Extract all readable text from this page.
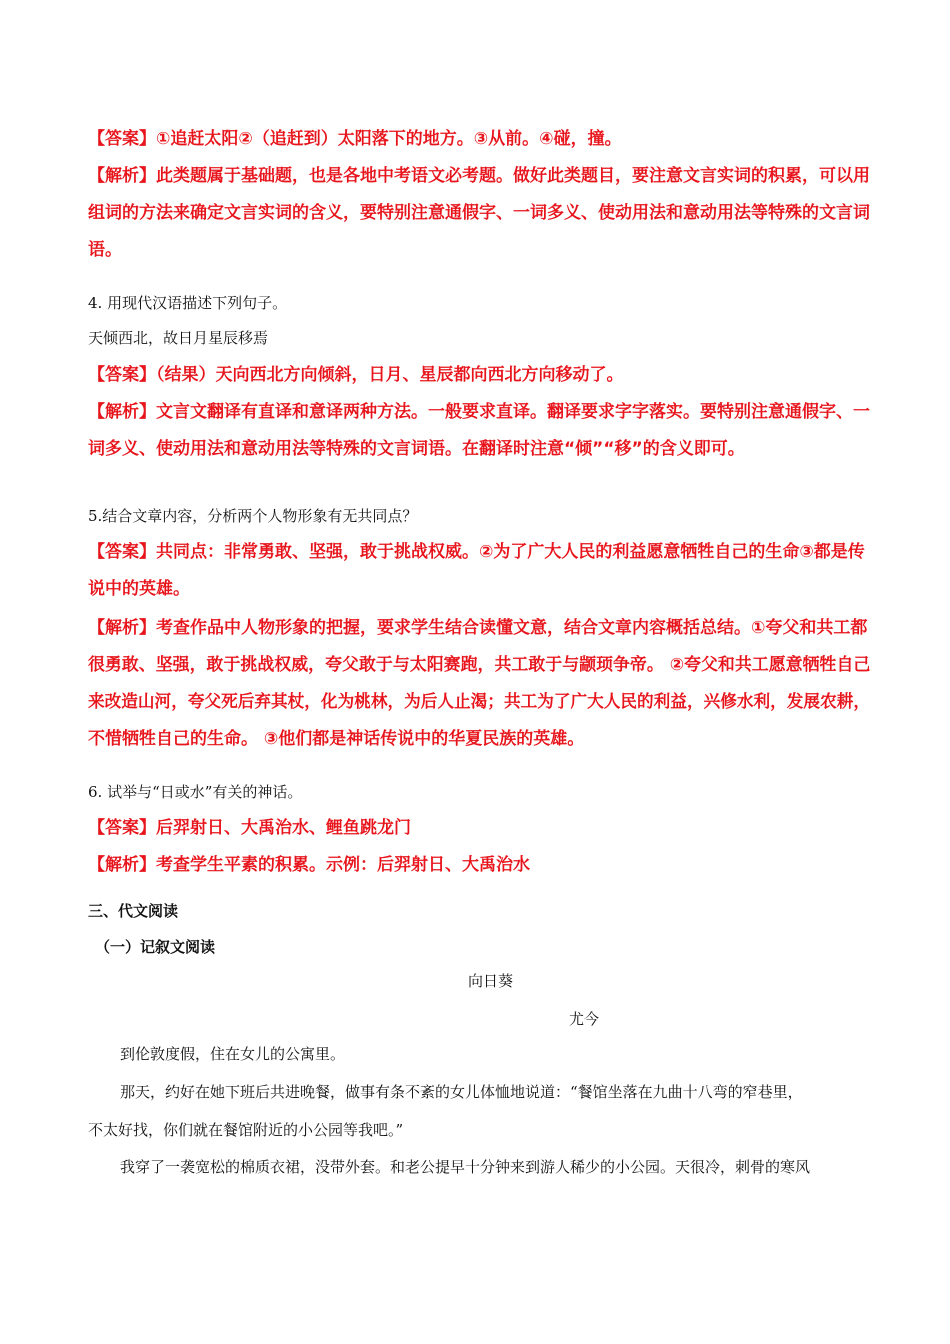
【答案】①追赶太阳②（追赶到）太阳落下的地方。③从前。④碰，撞。
【解析】此类题属于基础题，也是各地中考语文必考题。做好此类题目，要注意文言实词的积累，可以用
组词的方法来确定文言实词的含义，要特别注意通假字、一词多义、使动用法和意动用法等特殊的文言词
语。
4. 用现代汉语描述下列句子。
天倾西北，故日月星辰移焉
【答案】（结果）天向西北方向倾斜，日月、星辰都向西北方向移动了。
【解析】文言文翻译有直译和意译两种方法。一般要求直译。翻译要求字字落实。要特别注意通假字、一
词多义、使动用法和意动用法等特殊的文言词语。在翻译时注意“倾”“移”的含义即可。
5.结合文章内容，分析两个人物形象有无共同点？
【答案】共同点：非常勇敢、坚强，敢于挑战权威。②为了广大人民的利益愿意牺牲自己的生命③都是传
说中的英雄。
【解析】考查作品中人物形象的把握，要求学生结合读懂文意，结合文章内容概括总结。①夸父和共工都
很勇敢、坚强，敢于挑战权威，夸父敢于与太阳赛跑，共工敢于与颛顼争帝。 ②夸父和共工愿意牺牲自己
来改造山河，夸父死后弃其杖，化为桃林，为后人止渴；共工为了广大人民的利益，兴修水利，发展农耕，
不惜牺牲自己的生命。 ③他们都是神话传说中的华夏民族的英雄。
6. 试举与“日或水”有关的神话。
【答案】后羿射日、大禹治水、鲤鱼跳龙门
【解析】考查学生平素的积累。示例：后羿射日、大禹治水
三、代文阅读
（一）记叙文阅读
向日葵
尤今
到伦敦度假，住在女儿的公寓里。
那天，约好在她下班后共进晚餐，做事有条不紊的女儿体恤地说道：“餐馆坐落在九曲十八弯的窄巷里，
不太好找，你们就在餐馆附近的小公园等我吧。”
我穿了一袭宽松的棉质衣裙，没带外套。和老公提早十分钟来到游人稀少的小公园。天很冷，刺骨的寒风
